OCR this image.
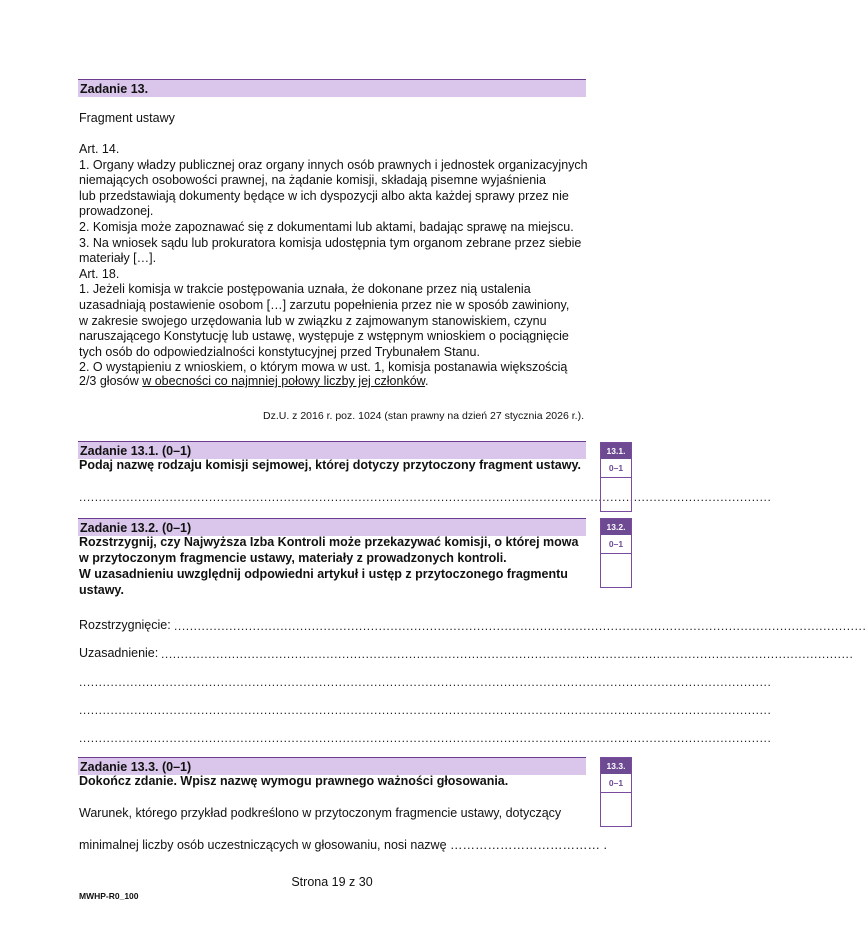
Zadanie 13.
Fragment ustawy
Art. 14.
1. Organy władzy publicznej oraz organy innych osób prawnych i jednostek organizacyjnych
niemających osobowości prawnej, na żądanie komisji, składają pisemne wyjaśnienia
lub przedstawiają dokumenty będące w ich dyspozycji albo akta każdej sprawy przez nie
prowadzonej.
2. Komisja może zapoznawać się z dokumentami lub aktami, badając sprawę na miejscu.
3. Na wniosek sądu lub prokuratora komisja udostępnia tym organom zebrane przez siebie
materiały […].
Art. 18.
1. Jeżeli komisja w trakcie postępowania uznała, że dokonane przez nią ustalenia
uzasadniają postawienie osobom […] zarzutu popełnienia przez nie w sposób zawiniony,
w zakresie swojego urzędowania lub w związku z zajmowanym stanowiskiem, czynu
naruszającego Konstytucję lub ustawę, występuje z wstępnym wnioskiem o pociągnięcie
tych osób do odpowiedzialności konstytucyjnej przed Trybunałem Stanu.
2. O wystąpieniu z wnioskiem, o którym mowa w ust. 1, komisja postanawia większością
2/3 głosów w obecności co najmniej połowy liczby jej członków.
Dz.U. z 2016 r. poz. 1024 (stan prawny na dzień 27 stycznia 2026 r.).
Zadanie 13.1. (0–1)
Podaj nazwę rodzaju komisji sejmowej, której dotyczy przytoczony fragment ustawy.
................................................................................................................................................................................
13.1.
0–1
Zadanie 13.2. (0–1)
Rozstrzygnij, czy Najwyższa Izba Kontroli może przekazywać komisji, o której mowa
w przytoczonym fragmencie ustawy, materiały z prowadzonych kontroli.
W uzasadnieniu uwzględnij odpowiedni artykuł i ustęp z przytoczonego fragmentu
ustawy.
Rozstrzygnięcie: ................................................................................................................................................................................
Uzasadnienie: ................................................................................................................................................................................
................................................................................................................................................................................
................................................................................................................................................................................
................................................................................................................................................................................
13.2.
0–1
Zadanie 13.3. (0–1)
Dokończ zdanie. Wpisz nazwę wymogu prawnego ważności głosowania.
Warunek, którego przykład podkreślono w przytoczonym fragmencie ustawy, dotyczący
minimalnej liczby osób uczestniczących w głosowaniu, nosi nazwę ……………………………… .
13.3.
0–1
Strona 19 z 30
MWHP-R0_100
